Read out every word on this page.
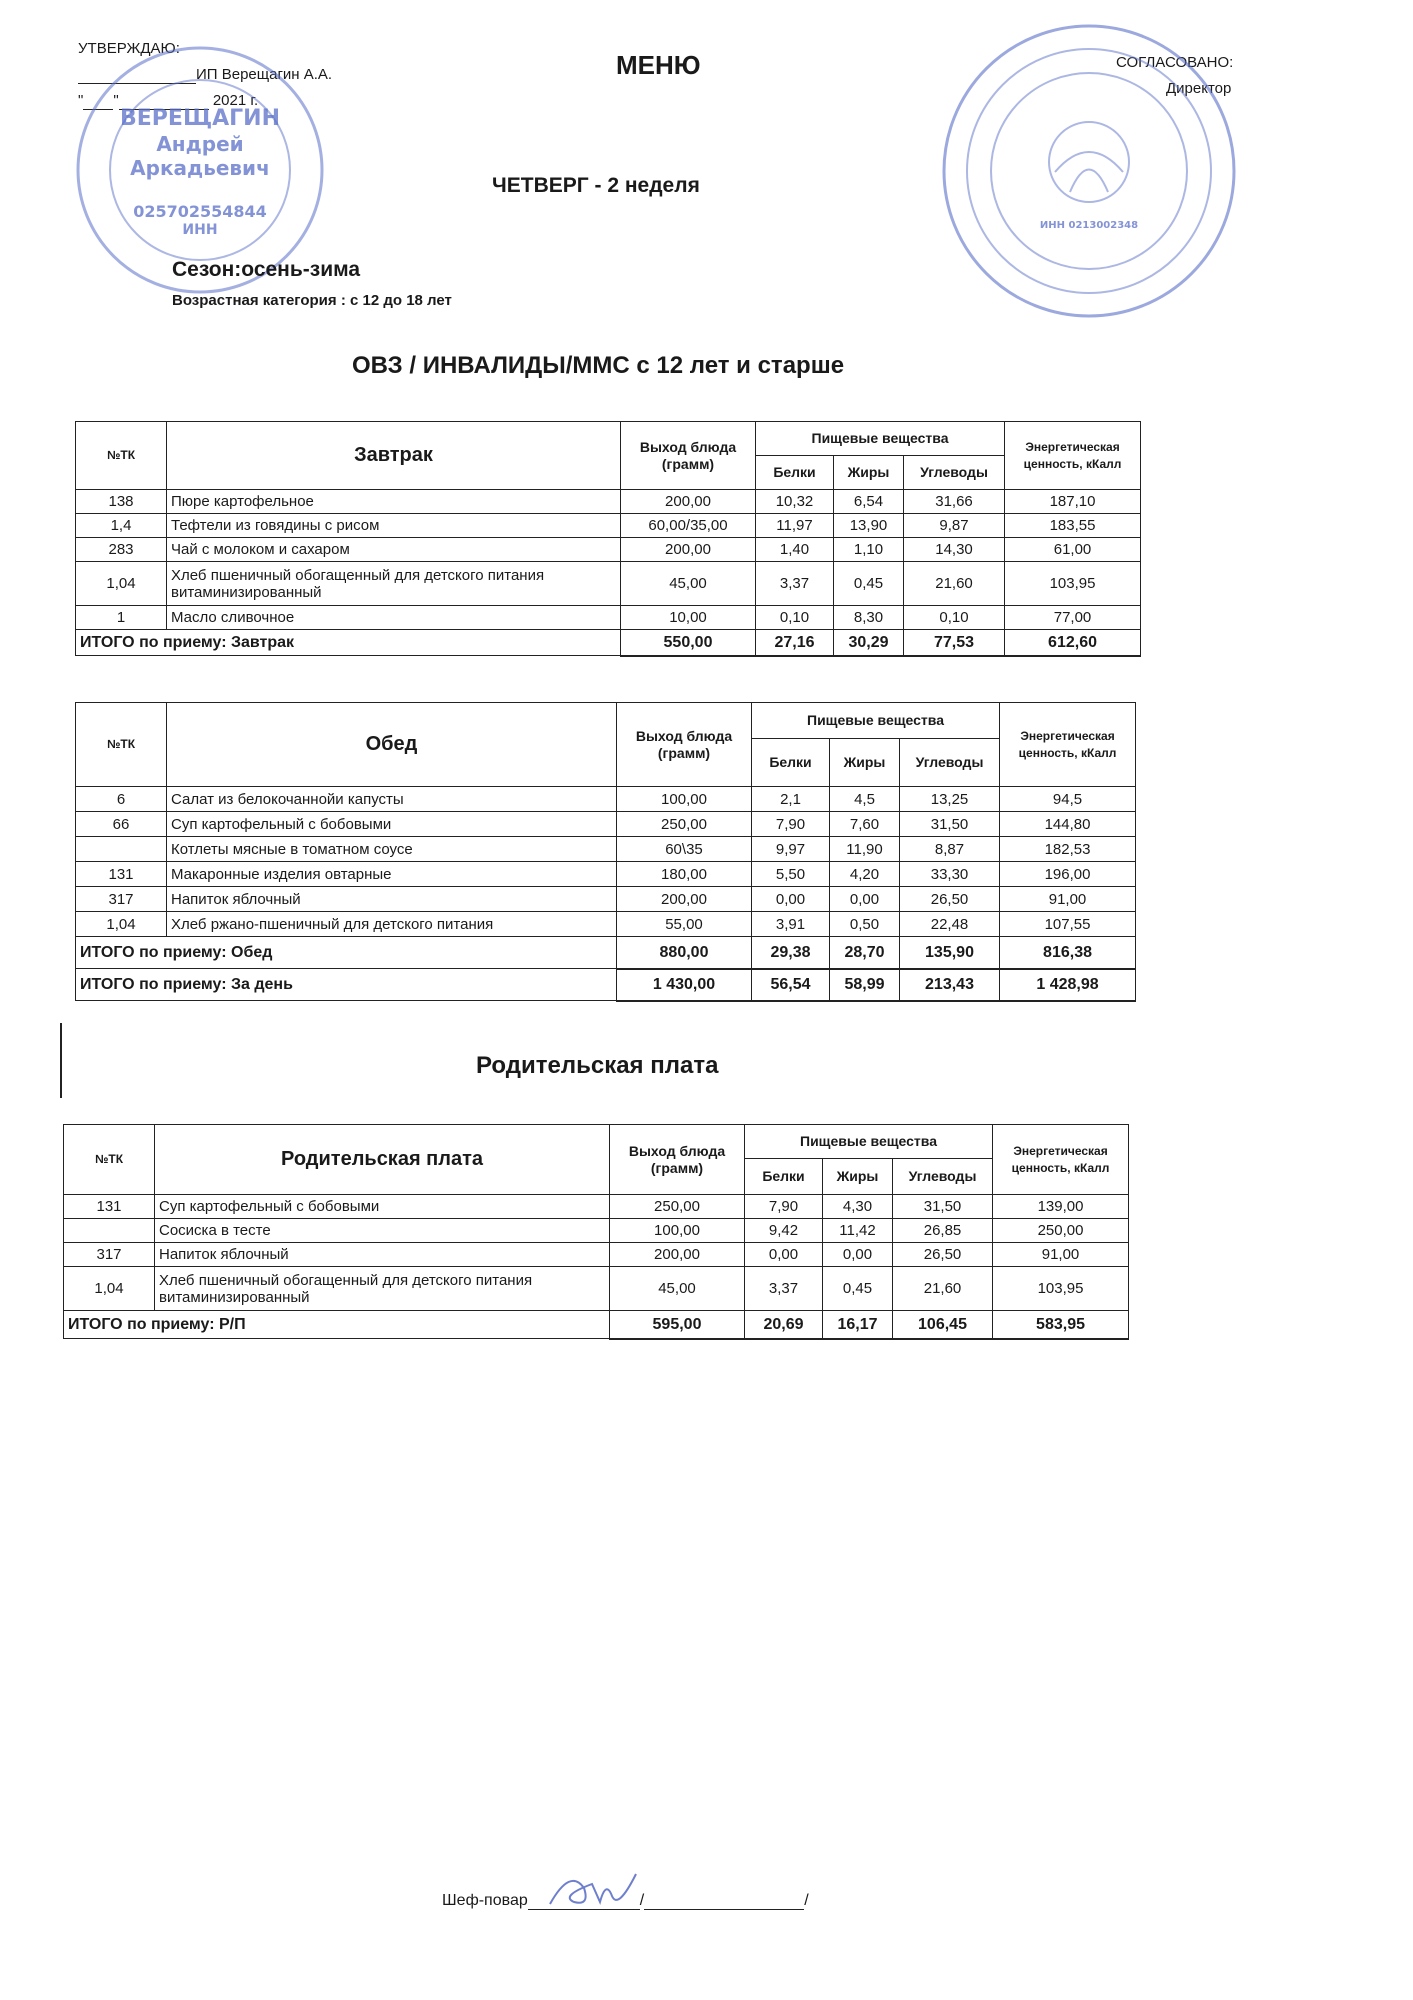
УТВЕРЖДАЮ:
ИП Верещагин А.А.
" "	2021 г.
ВЕРЕЩАГИН
Андрей
Аркадьевич
025702554844
ИНН
МЕНЮ
ЧЕТВЕРГ - 2 неделя
Сезон:осень-зима
Возрастная категория : с 12 до 18 лет
ОВЗ / ИНВАЛИДЫ/ММС с 12 лет и старше
СОГЛАСОВАНО:
Директор
ИНН 0213002348
№ТК	Завтрак	Выход блюда (грамм)	Пищевые вещества			Энергетическая ценность, кКалл
			Белки	Жиры	Углеводы	
138	Пюре картофельное	200,00	10,32	6,54	31,66	187,10
1,4	Тефтели из говядины с рисом	60,00/35,00	11,97	13,90	9,87	183,55
283	Чай с молоком и сахаром	200,00	1,40	1,10	14,30	61,00
1,04	Хлеб пшеничный обогащенный для детского питания витаминизированный	45,00	3,37	0,45	21,60	103,95
1	Масло сливочное	10,00	0,10	8,30	0,10	77,00
ИТОГО по приему: Завтрак		550,00	27,16	30,29	77,53	612,60
№ТК	Обед	Выход блюда (грамм)	Пищевые вещества			Энергетическая ценность, кКалл
			Белки	Жиры	Углеводы	
6	Салат из белокочаннойи капусты	100,00	2,1	4,5	13,25	94,5
66	Суп картофельный с бобовыми	250,00	7,90	7,60	31,50	144,80
	Котлеты мясные в томатном соусе	60\35	9,97	11,90	8,87	182,53
131	Макаронные изделия овтарные	180,00	5,50	4,20	33,30	196,00
317	Напиток яблочный	200,00	0,00	0,00	26,50	91,00
1,04	Хлеб ржано-пшеничный для детского питания	55,00	3,91	0,50	22,48	107,55
ИТОГО по приему: Обед		880,00	29,38	28,70	135,90	816,38
ИТОГО по приему: За день		1 430,00	56,54	58,99	213,43	1 428,98
Родительская плата
№ТК	Родительская плата	Выход блюда (грамм)	Пищевые вещества			Энергетическая ценность, кКалл
			Белки	Жиры	Углеводы	
131	Суп картофельный с бобовыми	250,00	7,90	4,30	31,50	139,00
	Сосиска в тесте	100,00	9,42	11,42	26,85	250,00
317	Напиток яблочный	200,00	0,00	0,00	26,50	91,00
1,04	Хлеб пшеничный обогащенный для детского питания витаминизированный	45,00	3,37	0,45	21,60	103,95
ИТОГО по приему: Р/П		595,00	20,69	16,17	106,45	583,95
Шеф-повар	/	/
